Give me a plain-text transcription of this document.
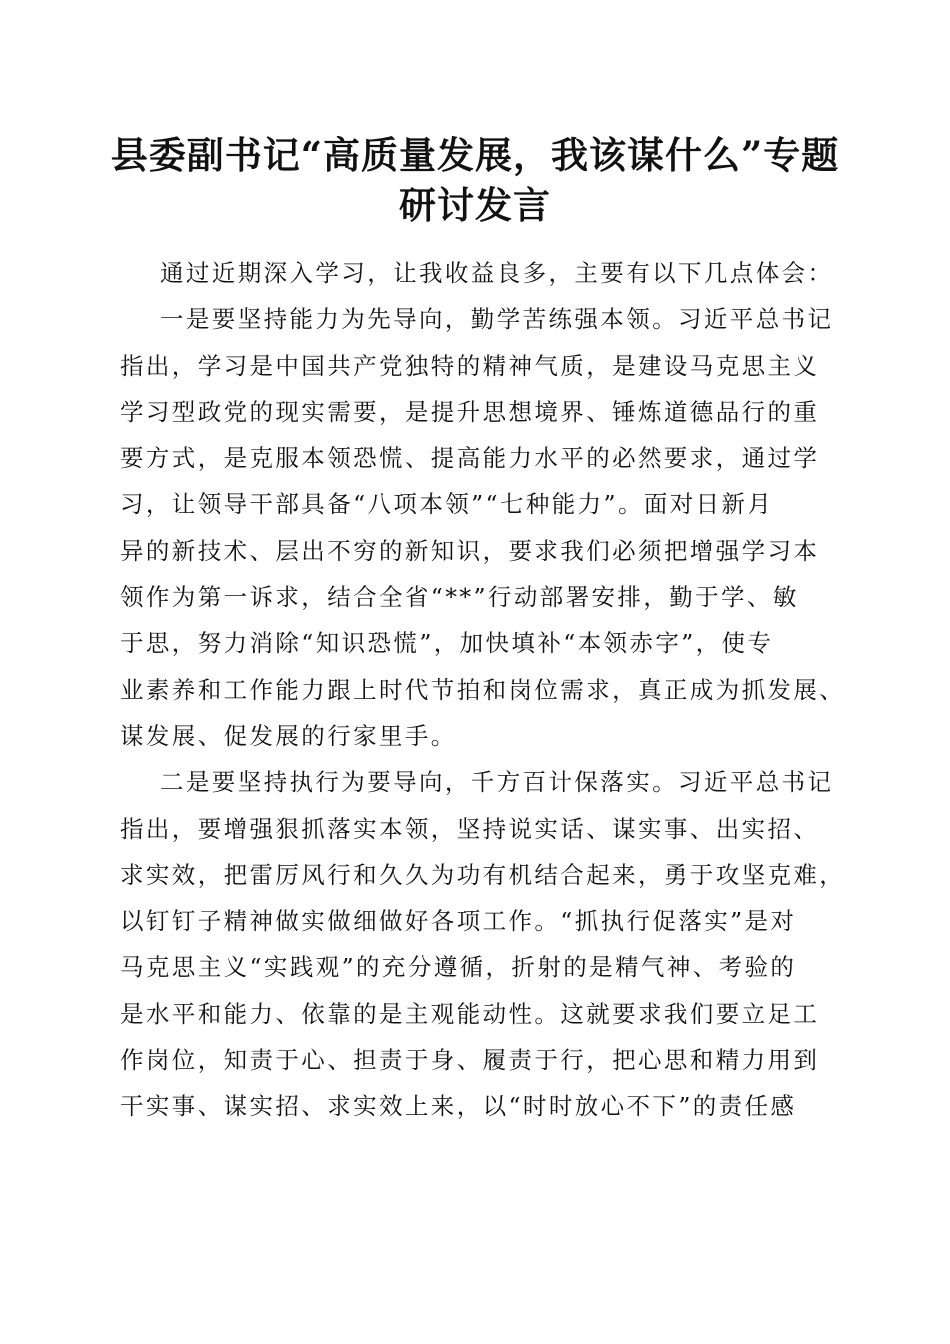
县委副书记“高质量发展，我该谋什么”专题
研讨发言
通过近期深入学习，让我收益良多，主要有以下几点体会：
一是要坚持能力为先导向，勤学苦练强本领。习近平总书记
指出，学习是中国共产党独特的精神气质，是建设马克思主义
学习型政党的现实需要，是提升思想境界、锤炼道德品行的重
要方式，是克服本领恐慌、提高能力水平的必然要求，通过学
习，让领导干部具备“八项本领”“七种能力”。面对日新月
异的新技术、层出不穷的新知识，要求我们必须把增强学习本
领作为第一诉求，结合全省“**”行动部署安排，勤于学、敏
于思，努力消除“知识恐慌”，加快填补“本领赤字”，使专
业素养和工作能力跟上时代节拍和岗位需求，真正成为抓发展、
谋发展、促发展的行家里手。
二是要坚持执行为要导向，千方百计保落实。习近平总书记
指出，要增强狠抓落实本领，坚持说实话、谋实事、出实招、
求实效，把雷厉风行和久久为功有机结合起来，勇于攻坚克难，
以钉钉子精神做实做细做好各项工作。“抓执行促落实”是对
马克思主义“实践观”的充分遵循，折射的是精气神、考验的
是水平和能力、依靠的是主观能动性。这就要求我们要立足工
作岗位，知责于心、担责于身、履责于行，把心思和精力用到
干实事、谋实招、求实效上来，以“时时放心不下”的责任感
